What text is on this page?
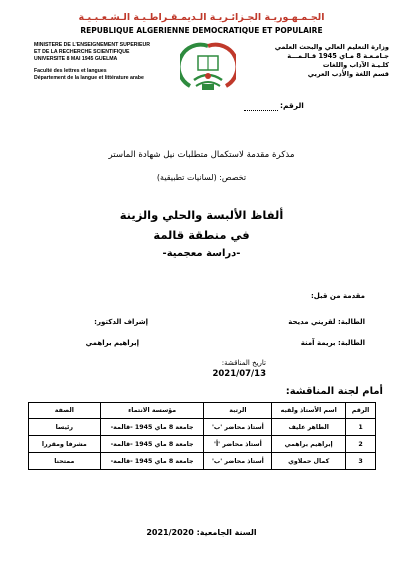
الجـمـهـوريـة الجـزائـريـة الـديمـقـراطـيـة الـشـعـبـيـة
REPUBLIQUE ALGERIENNE DEMOCRATIQUE ET POPULAIRE
MINISTERE DE L'ENSEIGNEMENT SUPERIEUR
ET DE LA RECHERCHE SCIENTIFIQUE
UNIVERSITE 8 MAI 1945 GUELMA
Faculté des lettres et langues
Département de la langue et littérature arabe
وزارة التعليم العالي والبحث العلمي
جـامـعـة 8 مـاي 1945 قـالـمـــة
كلـيـة الآداب واللغات
قسم اللغة والأدب العربي
الرقم:
مذكرة مقدمة لاستكمال متطلبات نيل شهادة الماستر
تخصص: (لسانيات تطبيقية)
ألفاظ الألبسة والحلي والزينة
في منطقة قالمة
-دراسة معجمية-
مقدمة من قبل:
الطالبة: لقريني مديحة
الطالبة: بريمة آمنة
إشراف الدكتور:
إبراهيم براهمي
تاريخ المناقشة:
2021/07/13
أمام لجنة المناقشة:
الرقم	اسم الأستاذ ولقبه	الرتبة	مؤسسة الانتماء	الصفة
1	الطاهر عليف	أستاذ محاضر 'ب'	جامعة 8 ماي 1945 -قالمة-	رئيسا
2	إبراهيم براهمي	أستاذ محاضر 'أ'	جامعة 8 ماي 1945 -قالمة-	مشرفا ومقررا
3	كمال حملاوي	أستاذ محاضر 'ب'	جامعة 8 ماي 1945 -قالمة-	ممتحنا
السنة الجامعية: 2021/2020
